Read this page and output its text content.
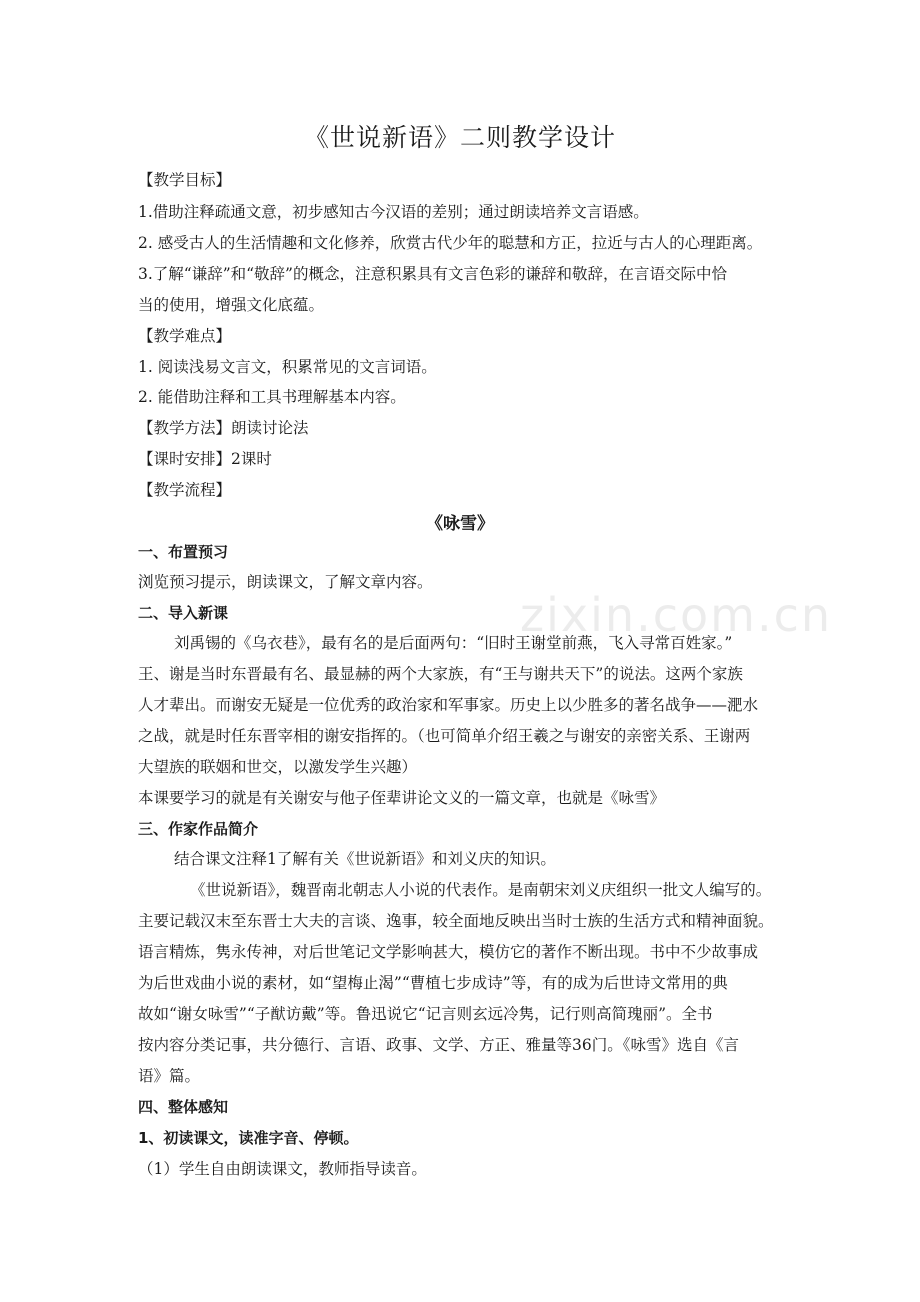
《世说新语》二则教学设计
【教学目标】
1.借助注释疏通文意，初步感知古今汉语的差别；通过朗读培养文言语感。
2. 感受古人的生活情趣和文化修养，欣赏古代少年的聪慧和方正，拉近与古人的心理距离。
3.了解“谦辞”和“敬辞”的概念，注意积累具有文言色彩的谦辞和敬辞，在言语交际中恰
当的使用，增强文化底蕴。
【教学难点】
1. 阅读浅易文言文，积累常见的文言词语。
2. 能借助注释和工具书理解基本内容。
【教学方法】朗读讨论法
【课时安排】2课时
【教学流程】
《咏雪》
一、布置预习
浏览预习提示，朗读课文，了解文章内容。
二、导入新课
刘禹锡的《乌衣巷》，最有名的是后面两句：“旧时王谢堂前燕，飞入寻常百姓家。”
王、谢是当时东晋最有名、最显赫的两个大家族，有“王与谢共天下”的说法。这两个家族
人才辈出。而谢安无疑是一位优秀的政治家和军事家。历史上以少胜多的著名战争——淝水
之战，就是时任东晋宰相的谢安指挥的。（也可简单介绍王羲之与谢安的亲密关系、王谢两
大望族的联姻和世交，以激发学生兴趣）
本课要学习的就是有关谢安与他子侄辈讲论文义的一篇文章，也就是《咏雪》
三、作家作品简介
结合课文注释1了解有关《世说新语》和刘义庆的知识。
《世说新语》，魏晋南北朝志人小说的代表作。是南朝宋刘义庆组织一批文人编写的。
主要记载汉末至东晋士大夫的言谈、逸事，较全面地反映出当时士族的生活方式和精神面貌。
语言精炼，隽永传神，对后世笔记文学影响甚大，模仿它的著作不断出现。书中不少故事成
为后世戏曲小说的素材，如“望梅止渴”“曹植七步成诗”等，有的成为后世诗文常用的典
故如“谢女咏雪”“子猷访戴”等。鲁迅说它“记言则玄远冷隽，记行则高简瑰丽”。全书
按内容分类记事，共分德行、言语、政事、文学、方正、雅量等36门。《咏雪》选自《言
语》篇。
四、整体感知
1、初读课文，读准字音、停顿。
（1）学生自由朗读课文，教师指导读音。
zixin.com.cn
